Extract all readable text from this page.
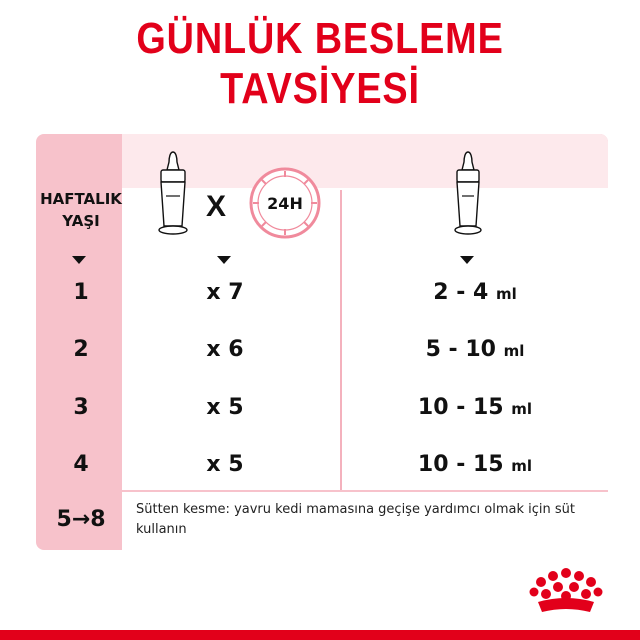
GÜNLÜK BESLEME TAVSİYESİ
HAFTALIK
YAŞI	X	24H
1	x 7	2 - 4 ml
2	x 6	5 - 10 ml
3	x 5	10 - 15 ml
4	x 5	10 - 15 ml
5→8	Sütten kesme: yavru kedi mamasına geçişe yardımcı olmak için süt kullanın
